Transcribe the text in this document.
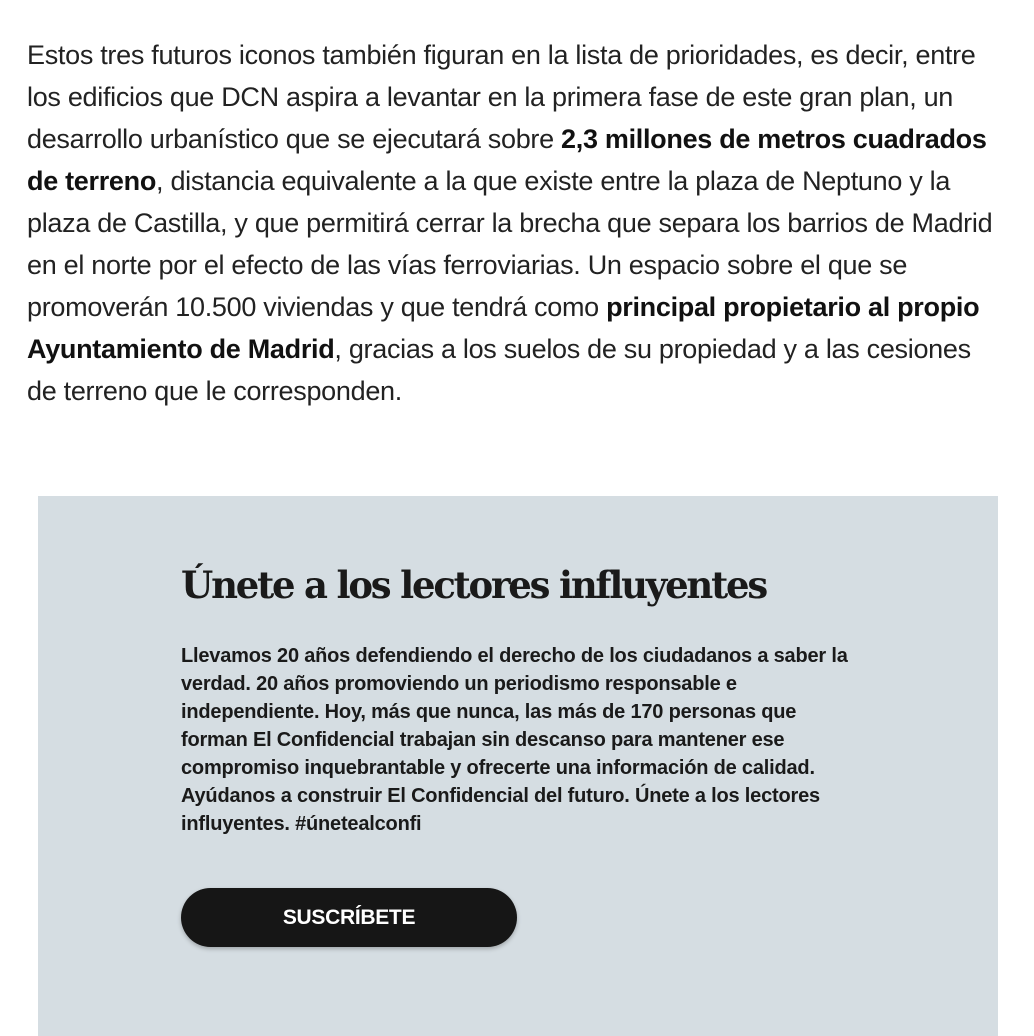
Estos tres futuros iconos también figuran en la lista de prioridades, es decir, entre los edificios que DCN aspira a levantar en la primera fase de este gran plan, un desarrollo urbanístico que se ejecutará sobre 2,3 millones de metros cuadrados de terreno, distancia equivalente a la que existe entre la plaza de Neptuno y la plaza de Castilla, y que permitirá cerrar la brecha que separa los barrios de Madrid en el norte por el efecto de las vías ferroviarias. Un espacio sobre el que se promoverán 10.500 viviendas y que tendrá como principal propietario al propio Ayuntamiento de Madrid, gracias a los suelos de su propiedad y a las cesiones de terreno que le corresponden.

Únete a los lectores influyentes

Llevamos 20 años defendiendo el derecho de los ciudadanos a saber la verdad. 20 años promoviendo un periodismo responsable e independiente. Hoy, más que nunca, las más de 170 personas que forman El Confidencial trabajan sin descanso para mantener ese compromiso inquebrantable y ofrecerte una información de calidad. Ayúdanos a construir El Confidencial del futuro. Únete a los lectores influyentes. #únetealconfi

SUSCRÍBETE
